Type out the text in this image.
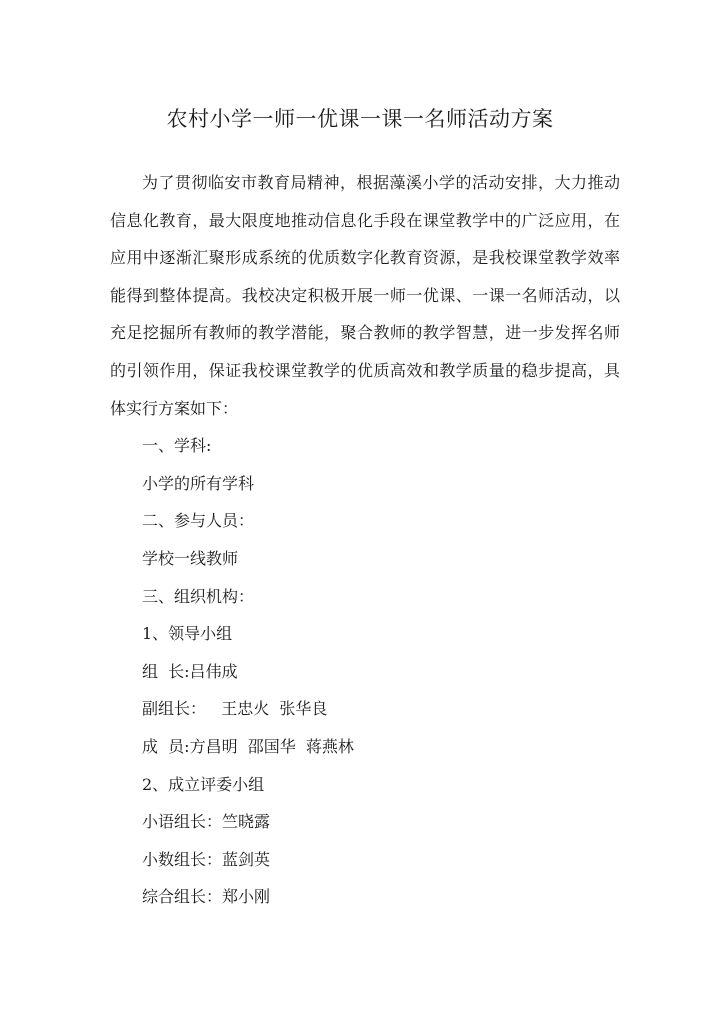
农村小学一师一优课一课一名师活动方案

为了贯彻临安市教育局精神，根据藻溪小学的活动安排，大力推动信息化教育，最大限度地推动信息化手段在课堂教学中的广泛应用，在应用中逐渐汇聚形成系统的优质数字化教育资源，是我校课堂教学效率能得到整体提高。我校决定积极开展一师一优课、一课一名师活动，以充足挖掘所有教师的教学潜能，聚合教师的教学智慧，进一步发挥名师的引领作用，保证我校课堂教学的优质高效和教学质量的稳步提高，具体实行方案如下：

一、学科:

小学的所有学科

二、参与人员：

学校一线教师

三、组织机构：

1、领导小组

组  长:吕伟成

副组长：   王忠火  张华良

成  员:方昌明  邵国华  蒋燕林

2、成立评委小组

小语组长：竺晓露

小数组长：蓝剑英

综合组长：郑小刚
